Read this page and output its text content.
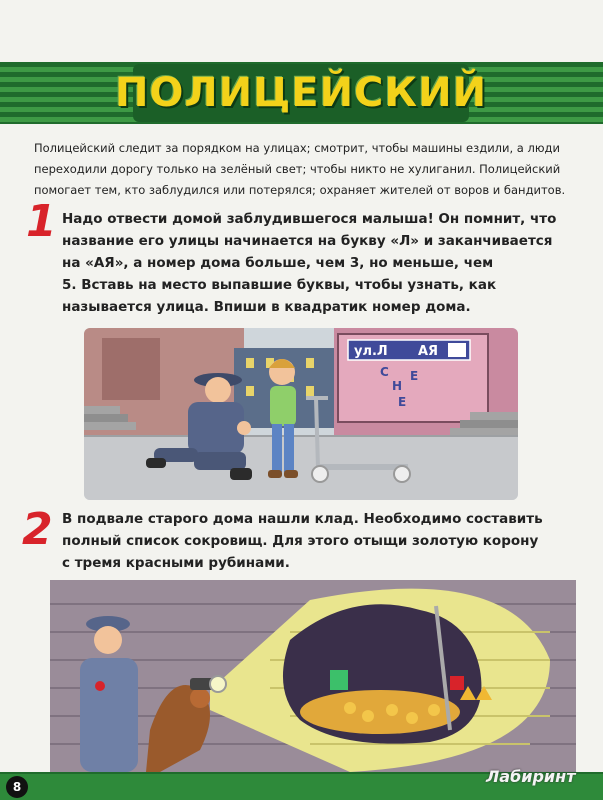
ПОЛИЦЕЙСКИЙ
Полицейский следит за порядком на улицах; смотрит, чтобы машины ездили, а люди переходили дорогу только на зелёный свет; чтобы никто не хулиганил. Полицейский помогает тем, кто заблудился или потерялся; охраняет жителей от воров и бандитов.
1 Надо отвести домой заблудившегося малыша! Он помнит, что
название его улицы начинается на букву «Л» и заканчивается
на «АЯ», а номер дома больше, чем 3, но меньше, чем
5. Вставь на место выпавшие буквы, чтобы узнать, как
называется улица. Впиши в квадратик номер дома.
ул.Л АЯ
С
Н
Е
Е
2 В подвале старого дома нашли клад. Необходимо составить
полный список сокровищ. Для этого отыщи золотую корону
с тремя красными рубинами.
8
Лабиринт
